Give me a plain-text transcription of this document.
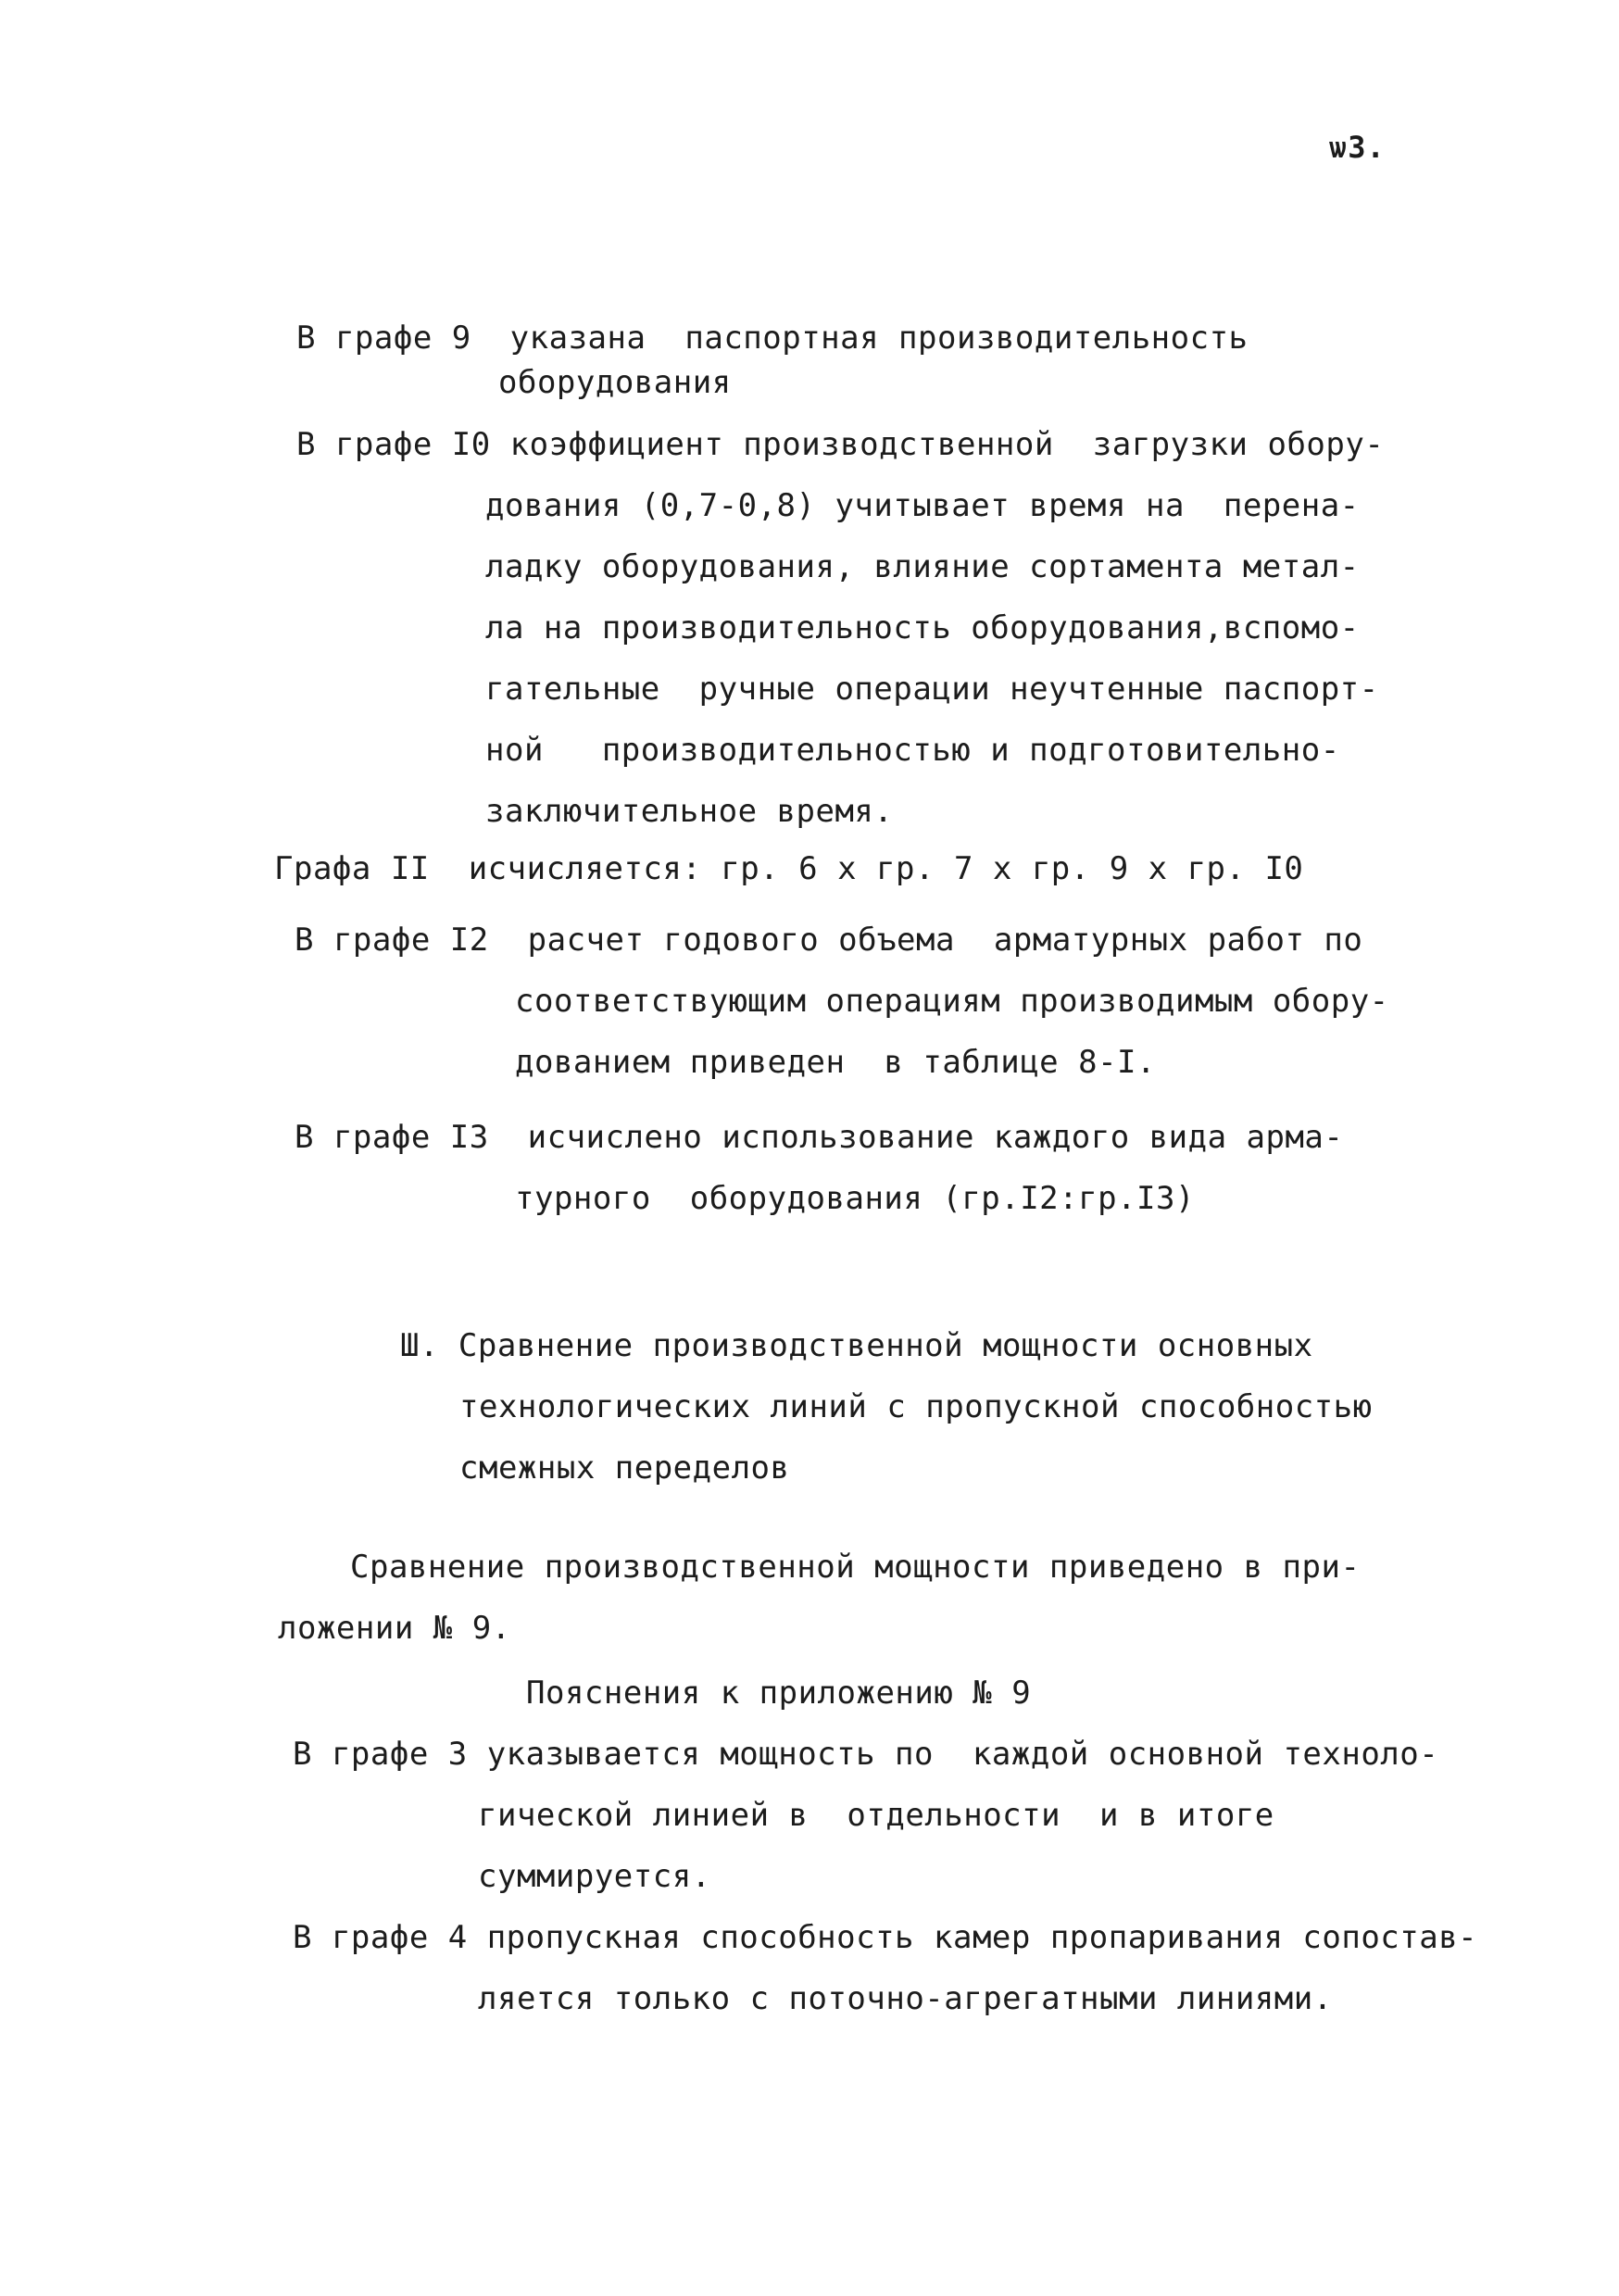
ѡ3.
В графе 9  указана  паспортная производительность
оборудования
В графе I0 коэффициент производственной  загрузки обору-
дования (0,7-0,8) учитывает время на  перена-
ладку оборудования, влияние сортамента метал-
ла на производительность оборудования,вспомо-
гательные  ручные операции неучтенные паспорт-
ной   производительностью и подготовительно-
заключительное время.
Графа II  исчисляется: гр. 6 х гр. 7 х гр. 9 х гр. I0
В графе I2  расчет годового объема  арматурных работ по
соответствующим операциям производимым обору-
дованием приведен  в таблице 8-I.
В графе I3  исчислено использование каждого вида арма-
турного  оборудования (гр.I2:гр.I3)
Ш. Сравнение производственной мощности основных
технологических линий с пропускной способностью
смежных переделов
Сравнение производственной мощности приведено в при-
ложении № 9.
Пояснения к приложению № 9
В графе 3 указывается мощность по  каждой основной техноло-
гической линией в  отдельности  и в итоге
суммируется.
В графе 4 пропускная способность камер пропаривания сопостав-
ляется только с поточно-агрегатными линиями.
